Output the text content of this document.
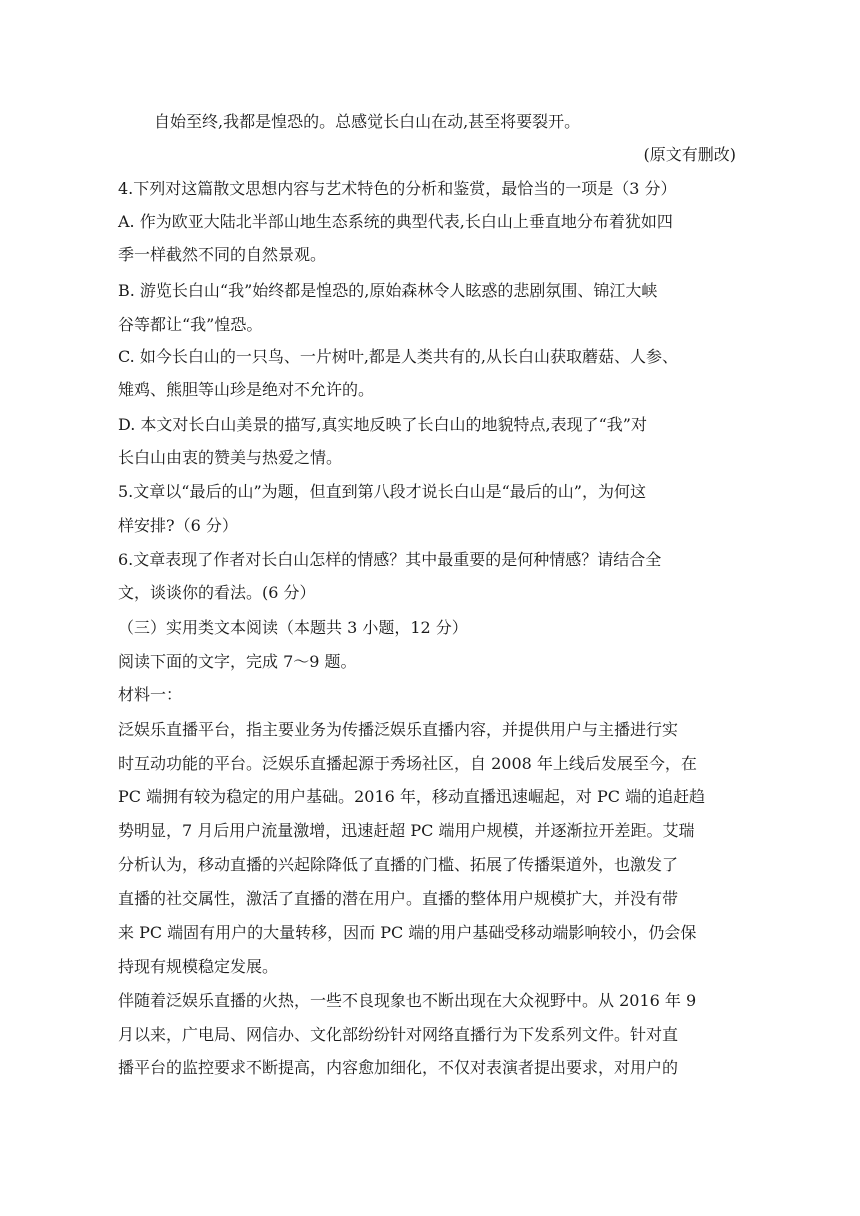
自始至终,我都是惶恐的。总感觉长白山在动,甚至将要裂开。
(原文有删改)
4.下列对这篇散文思想内容与艺术特色的分析和鉴赏，最恰当的一项是（3 分）
A. 作为欧亚大陆北半部山地生态系统的典型代表,长白山上垂直地分布着犹如四
季一样截然不同的自然景观。
B. 游览长白山“我”始终都是惶恐的,原始森林令人眩惑的悲剧氛围、锦江大峡
谷等都让“我”惶恐。
C. 如今长白山的一只鸟、一片树叶,都是人类共有的,从长白山获取蘑菇、人参、
雉鸡、熊胆等山珍是绝对不允许的。
D. 本文对长白山美景的描写,真实地反映了长白山的地貌特点,表现了“我”对
长白山由衷的赞美与热爱之情。
5.文章以“最后的山”为题，但直到第八段才说长白山是“最后的山”，为何这
样安排?（6 分）
6.文章表现了作者对长白山怎样的情感？其中最重要的是何种情感？请结合全
文，谈谈你的看法。(6 分）
（三）实用类文本阅读（本题共 3 小题，12 分）
阅读下面的文字，完成 7～9 题。
材料一：
泛娱乐直播平台，指主要业务为传播泛娱乐直播内容，并提供用户与主播进行实
时互动功能的平台。泛娱乐直播起源于秀场社区，自 2008 年上线后发展至今，在
PC 端拥有较为稳定的用户基础。2016 年，移动直播迅速崛起，对 PC 端的追赶趋
势明显，7 月后用户流量激增，迅速赶超 PC 端用户规模，并逐渐拉开差距。艾瑞
分析认为，移动直播的兴起除降低了直播的门槛、拓展了传播渠道外，也激发了
直播的社交属性，激活了直播的潜在用户。直播的整体用户规模扩大，并没有带
来 PC 端固有用户的大量转移，因而 PC 端的用户基础受移动端影响较小，仍会保
持现有规模稳定发展。
伴随着泛娱乐直播的火热，一些不良现象也不断出现在大众视野中。从 2016 年 9
月以来，广电局、网信办、文化部纷纷针对网络直播行为下发系列文件。针对直
播平台的监控要求不断提高，内容愈加细化，不仅对表演者提出要求，对用户的
